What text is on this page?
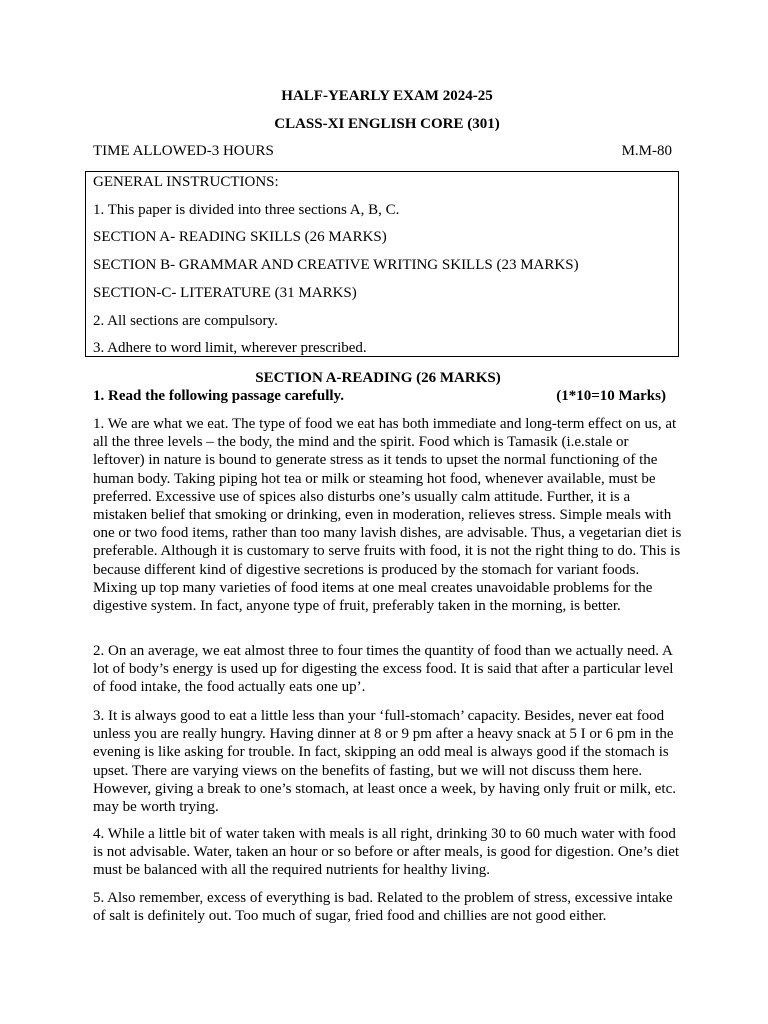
HALF-YEARLY EXAM 2024-25
CLASS-XI ENGLISH CORE (301)
TIME ALLOWED-3 HOURS	M.M-80

GENERAL INSTRUCTIONS:

1. This paper is divided into three sections A, B, C.

SECTION A- READING SKILLS (26 MARKS)

SECTION B- GRAMMAR AND CREATIVE WRITING SKILLS (23 MARKS)

SECTION-C- LITERATURE (31 MARKS)

2. All sections are compulsory.

3. Adhere to word limit, wherever prescribed.

SECTION A-READING (26 MARKS)
1. Read the following passage carefully.	(1*10=10 Marks)

1. We are what we eat. The type of food we eat has both immediate and long-term effect on us, at all the three levels – the body, the mind and the spirit. Food which is Tamasik (i.e.stale or leftover) in nature is bound to generate stress as it tends to upset the normal functioning of the human body. Taking piping hot tea or milk or steaming hot food, whenever available, must be preferred. Excessive use of spices also disturbs one’s usually calm attitude. Further, it is a mistaken belief that smoking or drinking, even in moderation, relieves stress. Simple meals with one or two food items, rather than too many lavish dishes, are advisable. Thus, a vegetarian diet is preferable. Although it is customary to serve fruits with food, it is not the right thing to do. This is because different kind of digestive secretions is produced by the stomach for variant foods. Mixing up top many varieties of food items at one meal creates unavoidable problems for the digestive system. In fact, anyone type of fruit, preferably taken in the morning, is better.

2. On an average, we eat almost three to four times the quantity of food than we actually need. A lot of body’s energy is used up for digesting the excess food. It is said that after a particular level of food intake, the food actually eats one up’.

3. It is always good to eat a little less than your ‘full-stomach’ capacity. Besides, never eat food unless you are really hungry. Having dinner at 8 or 9 pm after a heavy snack at 5 I or 6 pm in the evening is like asking for trouble. In fact, skipping an odd meal is always good if the stomach is upset. There are varying views on the benefits of fasting, but we will not discuss them here. However, giving a break to one’s stomach, at least once a week, by having only fruit or milk, etc. may be worth trying.

4. While a little bit of water taken with meals is all right, drinking 30 to 60 much water with food is not advisable. Water, taken an hour or so before or after meals, is good for digestion. One’s diet must be balanced with all the required nutrients for healthy living.

5. Also remember, excess of everything is bad. Related to the problem of stress, excessive intake of salt is definitely out. Too much of sugar, fried food and chillies are not good either.
